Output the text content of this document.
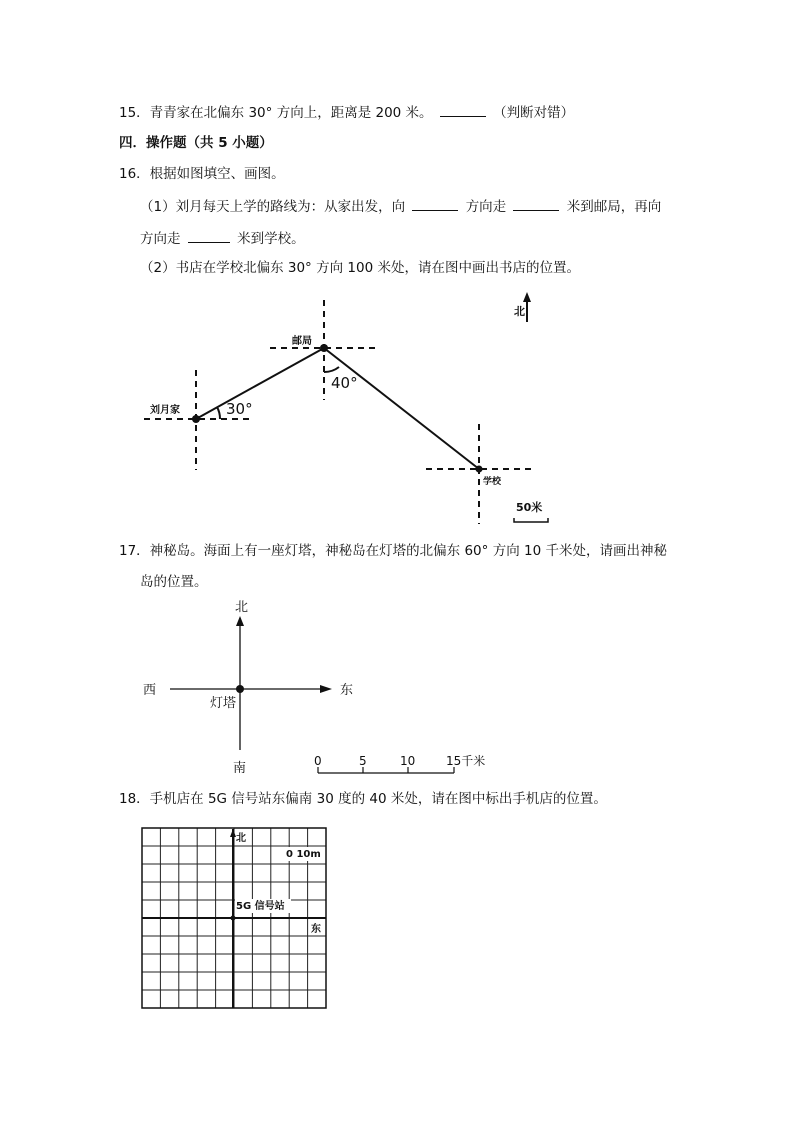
15．青青家在北偏东 30° 方向上，距离是 200 米。	（判断对错）
四．操作题（共 5 小题）
16．根据如图填空、画图。
（1）刘月每天上学的路线为：从家出发，向	方向走	米到邮局，再向
方向走	米到学校。
（2）书店在学校北偏东 30° 方向 100 米处，请在图中画出书店的位置。
北
邮局
刘月家
学校
30°
40°
50米
17．神秘岛。海面上有一座灯塔，神秘岛在灯塔的北偏东 60° 方向 10 千米处，请画出神秘
岛的位置。
北
南
西	东
灯塔
0	5	10	15千米
18．手机店在 5G 信号站东偏南 30 度的 40 米处，请在图中标出手机店的位置。
北
0 10m
5G 信号站
东
